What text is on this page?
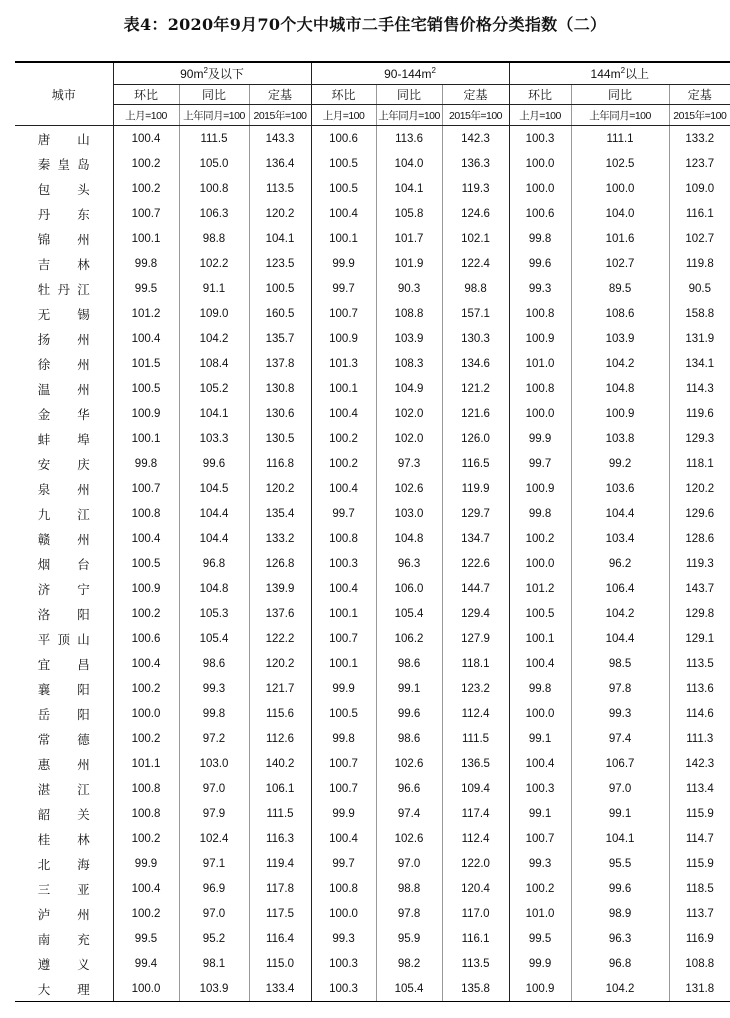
表4：2020年9月70个大中城市二手住宅销售价格分类指数（二）
城市	$90m^2$及以下			$90-144m^2$			$144m^2$以上		
	环比	同比	定基	环比	同比	定基	环比	同比	定基
	上月=100	上年同月=100	2015年=100	上月=100	上年同月=100	2015年=100	上月=100	上年同月=100	2015年=100
唐山	100.4	111.5	143.3	100.6	113.6	142.3	100.3	111.1	133.2
秦皇岛	100.2	105.0	136.4	100.5	104.0	136.3	100.0	102.5	123.7
包头	100.2	100.8	113.5	100.5	104.1	119.3	100.0	100.0	109.0
丹东	100.7	106.3	120.2	100.4	105.8	124.6	100.6	104.0	116.1
锦州	100.1	98.8	104.1	100.1	101.7	102.1	99.8	101.6	102.7
吉林	99.8	102.2	123.5	99.9	101.9	122.4	99.6	102.7	119.8
牡丹江	99.5	91.1	100.5	99.7	90.3	98.8	99.3	89.5	90.5
无锡	101.2	109.0	160.5	100.7	108.8	157.1	100.8	108.6	158.8
扬州	100.4	104.2	135.7	100.9	103.9	130.3	100.9	103.9	131.9
徐州	101.5	108.4	137.8	101.3	108.3	134.6	101.0	104.2	134.1
温州	100.5	105.2	130.8	100.1	104.9	121.2	100.8	104.8	114.3
金华	100.9	104.1	130.6	100.4	102.0	121.6	100.0	100.9	119.6
蚌埠	100.1	103.3	130.5	100.2	102.0	126.0	99.9	103.8	129.3
安庆	99.8	99.6	116.8	100.2	97.3	116.5	99.7	99.2	118.1
泉州	100.7	104.5	120.2	100.4	102.6	119.9	100.9	103.6	120.2
九江	100.8	104.4	135.4	99.7	103.0	129.7	99.8	104.4	129.6
赣州	100.4	104.4	133.2	100.8	104.8	134.7	100.2	103.4	128.6
烟台	100.5	96.8	126.8	100.3	96.3	122.6	100.0	96.2	119.3
济宁	100.9	104.8	139.9	100.4	106.0	144.7	101.2	106.4	143.7
洛阳	100.2	105.3	137.6	100.1	105.4	129.4	100.5	104.2	129.8
平顶山	100.6	105.4	122.2	100.7	106.2	127.9	100.1	104.4	129.1
宜昌	100.4	98.6	120.2	100.1	98.6	118.1	100.4	98.5	113.5
襄阳	100.2	99.3	121.7	99.9	99.1	123.2	99.8	97.8	113.6
岳阳	100.0	99.8	115.6	100.5	99.6	112.4	100.0	99.3	114.6
常德	100.2	97.2	112.6	99.8	98.6	111.5	99.1	97.4	111.3
惠州	101.1	103.0	140.2	100.7	102.6	136.5	100.4	106.7	142.3
湛江	100.8	97.0	106.1	100.7	96.6	109.4	100.3	97.0	113.4
韶关	100.8	97.9	111.5	99.9	97.4	117.4	99.1	99.1	115.9
桂林	100.2	102.4	116.3	100.4	102.6	112.4	100.7	104.1	114.7
北海	99.9	97.1	119.4	99.7	97.0	122.0	99.3	95.5	115.9
三亚	100.4	96.9	117.8	100.8	98.8	120.4	100.2	99.6	118.5
泸州	100.2	97.0	117.5	100.0	97.8	117.0	101.0	98.9	113.7
南充	99.5	95.2	116.4	99.3	95.9	116.1	99.5	96.3	116.9
遵义	99.4	98.1	115.0	100.3	98.2	113.5	99.9	96.8	108.8
大理	100.0	103.9	133.4	100.3	105.4	135.8	100.9	104.2	131.8
